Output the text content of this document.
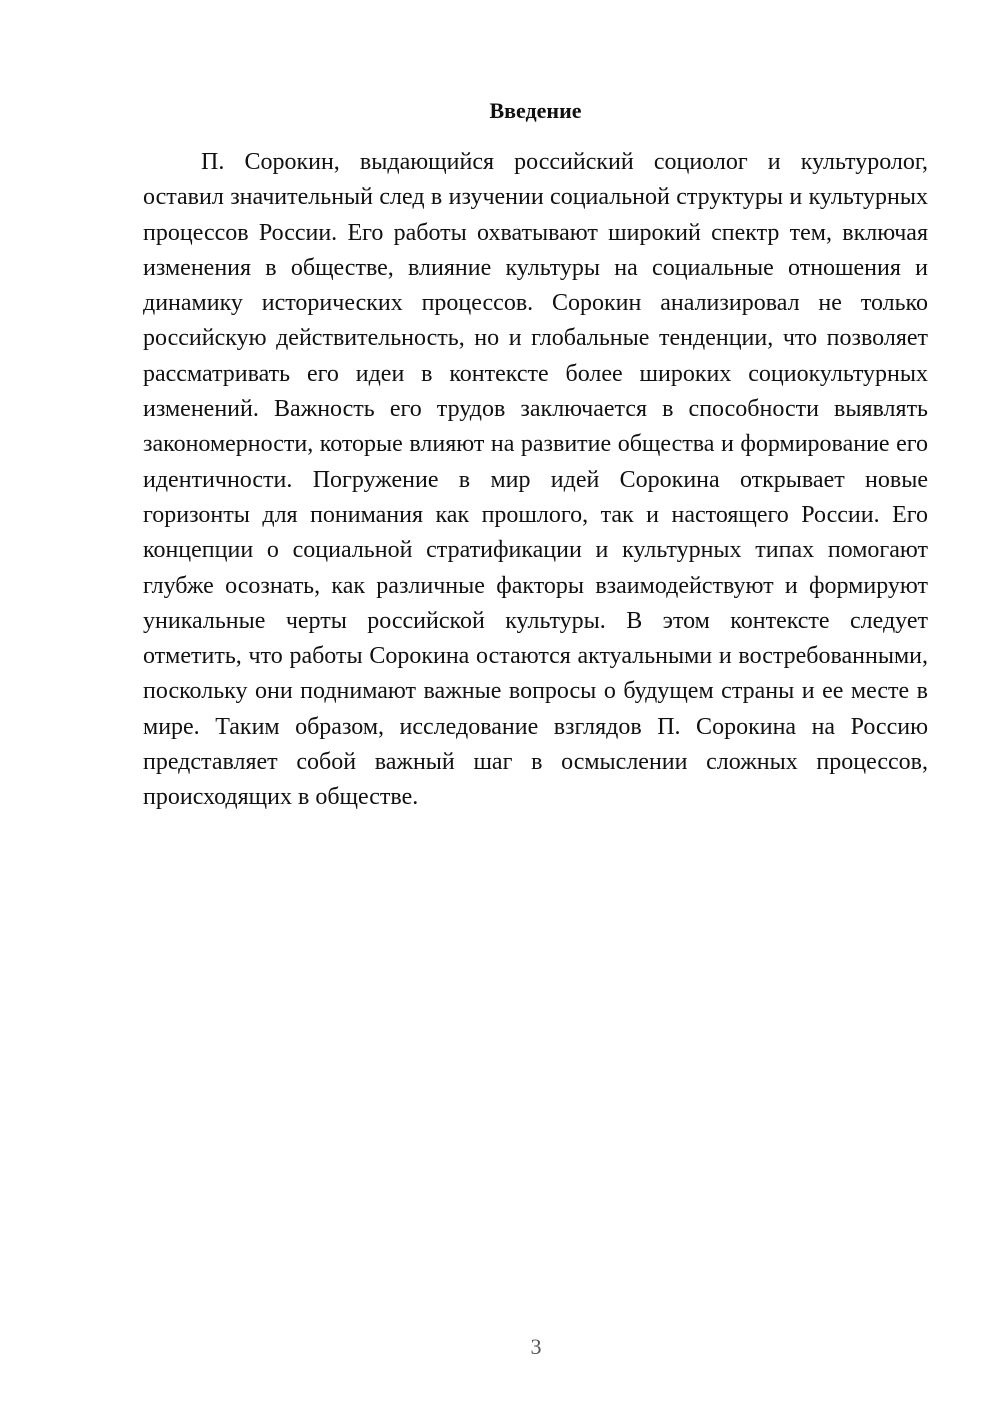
Введение

П. Сорокин, выдающийся российский социолог и культуролог, оставил значительный след в изучении социальной структуры и культурных процессов России. Его работы охватывают широкий спектр тем, включая изменения в обществе, влияние культуры на социальные отношения и динамику исторических процессов. Сорокин анализировал не только российскую действительность, но и глобальные тенденции, что позволяет рассматривать его идеи в контексте более широких социокультурных изменений. Важность его трудов заключается в способности выявлять закономерности, которые влияют на развитие общества и формирование его идентичности. Погружение в мир идей Сорокина открывает новые горизонты для понимания как прошлого, так и настоящего России. Его концепции о социальной стратификации и культурных типах помогают глубже осознать, как различные факторы взаимодействуют и формируют уникальные черты российской культуры. В этом контексте следует отметить, что работы Сорокина остаются актуальными и востребованными, поскольку они поднимают важные вопросы о будущем страны и ее месте в мире. Таким образом, исследование взглядов П. Сорокина на Россию представляет собой важный шаг в осмыслении сложных процессов, происходящих в обществе.

3
